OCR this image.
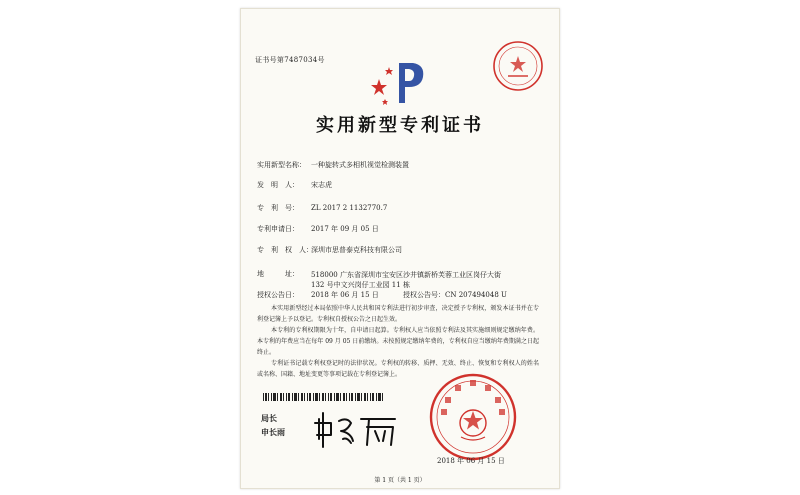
证书号第7487034号
实用新型专利证书
实用新型名称： 一种旋转式多相机视觉检测装置
发　明　人： 宋志虎
专　利　号： ZL 2017 2 1132770.7
专利申请日： 2017 年 09 月 05 日
专　利　权　人：深圳市思普泰克科技有限公司
地　　　址： 518000 广东省深圳市宝安区沙井镇新桥芙蓉工业区岗仔大街 132 号中文兴岗仔工业园 11 栋
授权公告日： 2018 年 06 月 15 日	授权公告号：CN 207494048 U

本实用新型经过本局依照中华人民共和国专利法进行初步审查，决定授予专利权，颁发本证书并在专利登记簿上予以登记。专利权自授权公告之日起生效。

本专利的专利权期限为十年，自申请日起算。专利权人应当依照专利法及其实施细则规定缴纳年费。本专利的年费应当在每年 09 月 05 日前缴纳。未按照规定缴纳年费的，专利权自应当缴纳年费期满之日起终止。

专利证书记载专利权登记时的法律状况。专利权的转移、质押、无效、终止、恢复和专利权人的姓名或名称、国籍、地址变更等事项记载在专利登记簿上。

局长
申长雨
2018 年 06 月 15 日
第 1 页（共 1 页）
